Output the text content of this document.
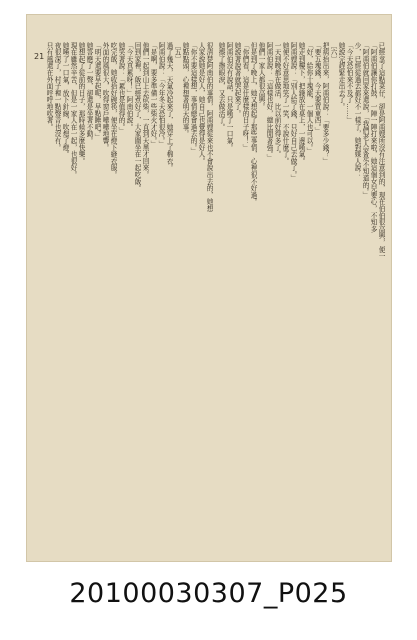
21	已經拿了這點菜仔，卻是阿南嫂所沒有注意到的，現在伯伯很高興，便一
「阿南伯讓你打鼓，一陣一陣打來啦，她這個女兒要心，不知多
「阿南伯就回家來還說，「我們老人家是不知道的。」
少，已經從過去都好不一樣了，她對媒人說：
「今天恐怕來不及了……」
她說完趕緊走出去了。
〔六〕
把病抬出來，阿南伯說：「要多少錢？」
「要五塊錢，今天要買東西。」
「好，給你十塊罷，一個人也可以。」
她走到樓下，把錢放在桌上，一邊嘆氣。
阿南嫂說：「別人給了錢，只好自己去做了。」
她便不好意思地笑了一笑，不說什麼了。
一天到晚都在做活，比以前好得多了。
阿南伯說：「這樣也好，總比閒著強。」
他們一家人都很高興。
但是到了晚上，她又想起了那些事情，心裡很不好過。
「你們看，這是什麼樣的日子呀！」
她說著說著就哭起來了。
阿南伯沒有說話，只是嘆了一口氣。
她擦了擦眼淚，又去做活了。
很清楚阿南伯的事情，阿南嫂從來也不會說出去的，她想
人家說她是好人，她自己也覺得是好人。
「你不要這樣想，事情總會過去的。」
她點點頭，心裡想著明天的事。
〔五〕
過了幾天，天氣冷起來了，她穿上了棉衣。
阿南伯說：「今年冬天恐怕很冷。」
「是啊，要多準備一些柴火才好。」
他們一起到山上去砍柴，一直到天黑才回來。
回到家裡，飯已經煮好了，大家圍坐在一起吃飯。
「今天真累呀！」阿南伯說。
她笑著說：「累也是值得的。」
吃完飯，她收拾好碗筷，便坐在燈下縫衣服。
外面的風很大，吹得窗戶嘩嘩地響。
「明天還要早起呢，早點睡吧。」
她答應了一聲，卻還是坐著不動。
她想起了從前的日子，那時候多麼快樂。
現在雖然辛苦，但是一家人在一起，也很好。
她嘆了一口氣，放下針線，吹熄了燈。
夜很深了，村子裡一點聲音也沒有。
只有風還在外面呼呼地吹著。
20100030307_P025
